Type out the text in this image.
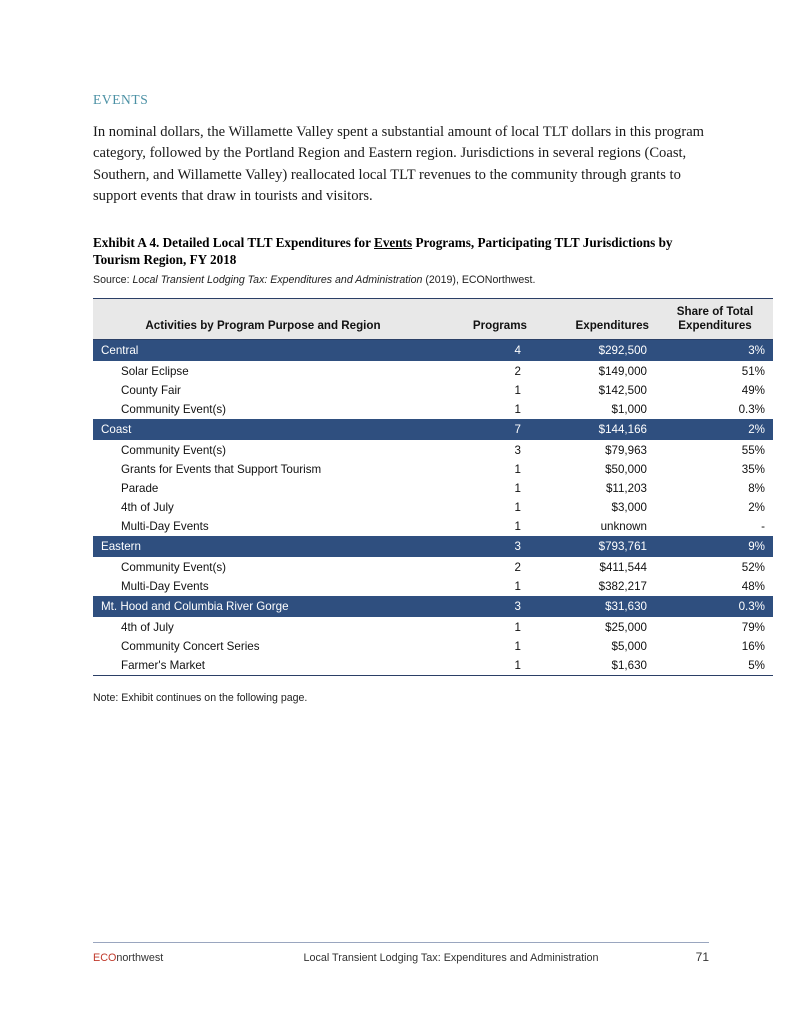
EVENTS

In nominal dollars, the Willamette Valley spent a substantial amount of local TLT dollars in this program category, followed by the Portland Region and Eastern region. Jurisdictions in several regions (Coast, Southern, and Willamette Valley) reallocated local TLT revenues to the community through grants to support events that draw in tourists and visitors.

Exhibit A 4. Detailed Local TLT Expenditures for Events Programs, Participating TLT Jurisdictions by Tourism Region, FY 2018
Source: Local Transient Lodging Tax: Expenditures and Administration (2019), ECONorthwest.
Activities by Program Purpose and Region	Programs	Expenditures	Share of Total Expenditures
Central	4	$292,500	3%
Solar Eclipse	2	$149,000	51%
County Fair	1	$142,500	49%
Community Event(s)	1	$1,000	0.3%
Coast	7	$144,166	2%
Community Event(s)	3	$79,963	55%
Grants for Events that Support Tourism	1	$50,000	35%
Parade	1	$11,203	8%
4th of July	1	$3,000	2%
Multi-Day Events	1	unknown	-
Eastern	3	$793,761	9%
Community Event(s)	2	$411,544	52%
Multi-Day Events	1	$382,217	48%
Mt. Hood and Columbia River Gorge	3	$31,630	0.3%
4th of July	1	$25,000	79%
Community Concert Series	1	$5,000	16%
Farmer's Market	1	$1,630	5%
Note: Exhibit continues on the following page.
ECOnorthwest	Local Transient Lodging Tax: Expenditures and Administration	71
